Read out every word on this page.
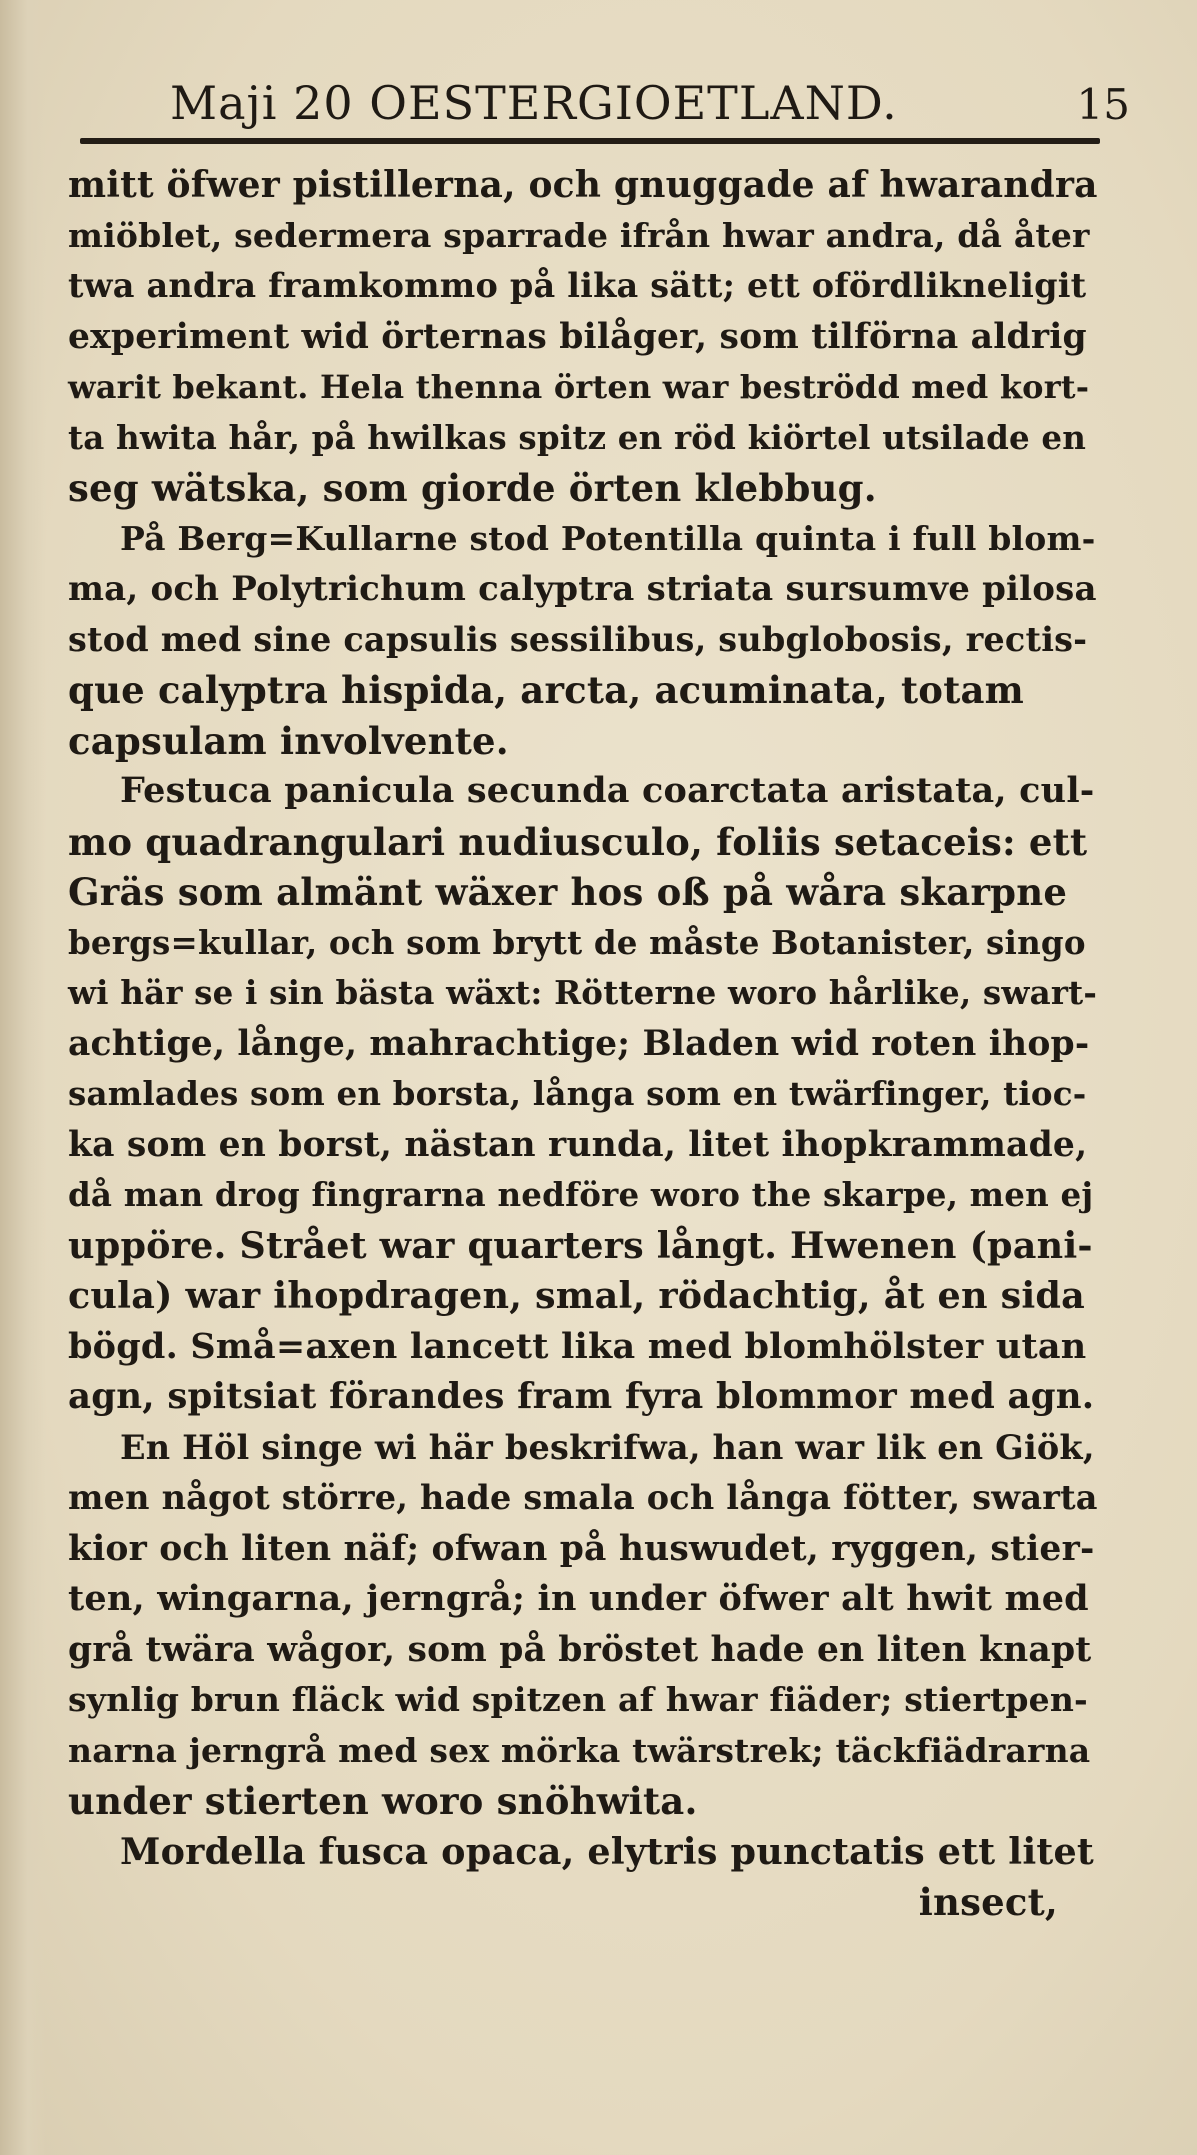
Maji 20 OESTERGIOETLAND.	15
mitt öfwer pistillerna, och gnuggade af hwarandra
miöblet, sedermera sparrade ifrån hwar andra, då åter
twa andra framkommo på lika sätt; ett ofördlikneligit
experiment wid örternas bilåger, som tilförna aldrig
warit bekant. Hela thenna örten war beströdd med kort-
ta hwita hår, på hwilkas spitz en röd kiörtel utsilade en
seg wätska, som giorde örten klebbug.
På Berg=Kullarne stod Potentilla quinta i full blom-
ma, och Polytrichum calyptra striata sursumve pilosa
stod med sine capsulis sessilibus, subglobosis, rectis-
que calyptra hispida, arcta, acuminata, totam
capsulam involvente.
Festuca panicula secunda coarctata aristata, cul-
mo quadrangulari nudiusculo, foliis setaceis: ett
Gräs som almänt wäxer hos oß på wåra skarpne
bergs=kullar, och som brytt de måste Botanister, singo
wi här se i sin bästa wäxt: Rötterne woro hårlike, swart-
achtige, långe, mahrachtige; Bladen wid roten ihop-
samlades som en borsta, långa som en twärfinger, tioc-
ka som en borst, nästan runda, litet ihopkrammade,
då man drog fingrarna nedföre woro the skarpe, men ej
uppöre. Strået war quarters långt. Hwenen (pani-
cula) war ihopdragen, smal, rödachtig, åt en sida
bögd. Små=axen lancett lika med blomhölster utan
agn, spitsiat förandes fram fyra blommor med agn.
En Höl singe wi här beskrifwa, han war lik en Giök,
men något större, hade smala och långa fötter, swarta
kior och liten näf; ofwan på huswudet, ryggen, stier-
ten, wingarna, jerngrå; in under öfwer alt hwit med
grå twära wågor, som på bröstet hade en liten knapt
synlig brun fläck wid spitzen af hwar fiäder; stiertpen-
narna jerngrå med sex mörka twärstrek; täckfiädrarna
under stierten woro snöhwita.
Mordella fusca opaca, elytris punctatis ett litet
insect,
